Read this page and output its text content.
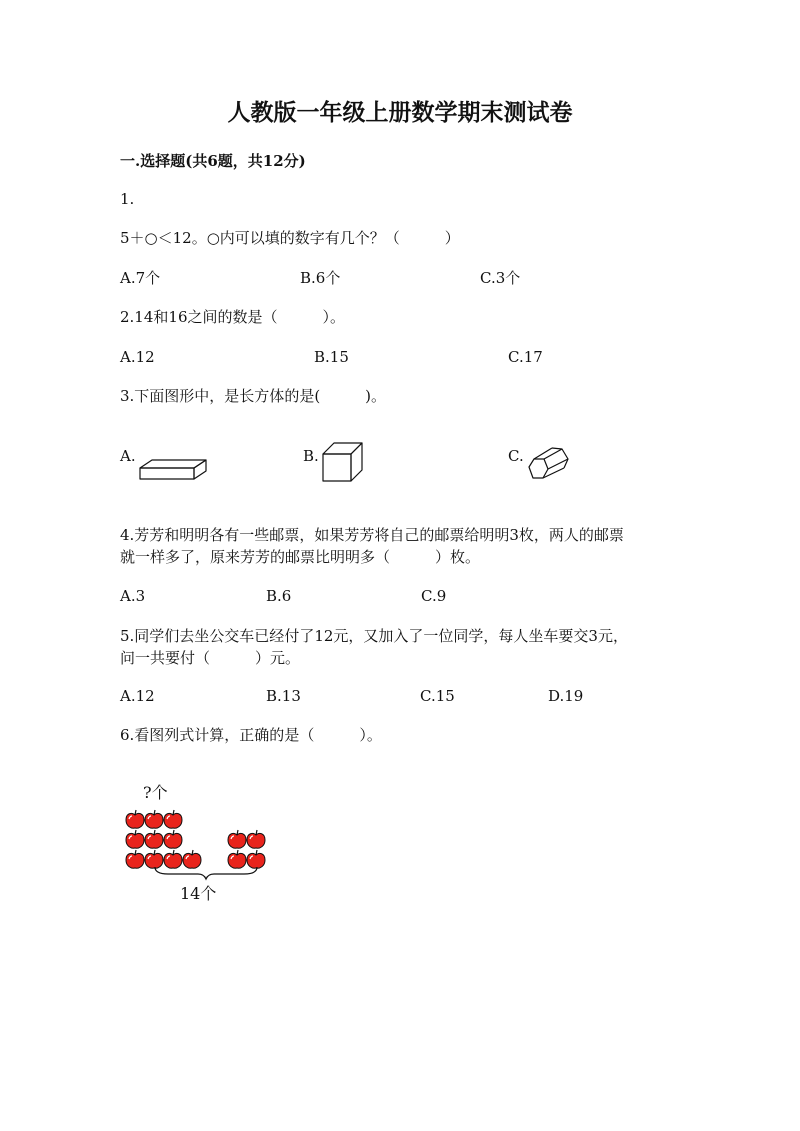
人教版一年级上册数学期末测试卷
一.选择题(共6题，共12分)
1.
5＋○＜12。○内可以填的数字有几个？（　　　）
A.7个	B.6个	C.3个
2.14和16之间的数是（　　　）。
A.12	B.15	C.17
3.下面图形中，是长方体的是(　　　)。
A.	B.	C.
4.芳芳和明明各有一些邮票，如果芳芳将自己的邮票给明明3枚，两人的邮票
就一样多了，原来芳芳的邮票比明明多（　　　）枚。
A.3	B.6	C.9
5.同学们去坐公交车已经付了12元，又加入了一位同学，每人坐车要交3元，
问一共要付（　　　）元。
A.12	B.13	C.15	D.19
6.看图列式计算，正确的是（　　　）。
?个
14个
